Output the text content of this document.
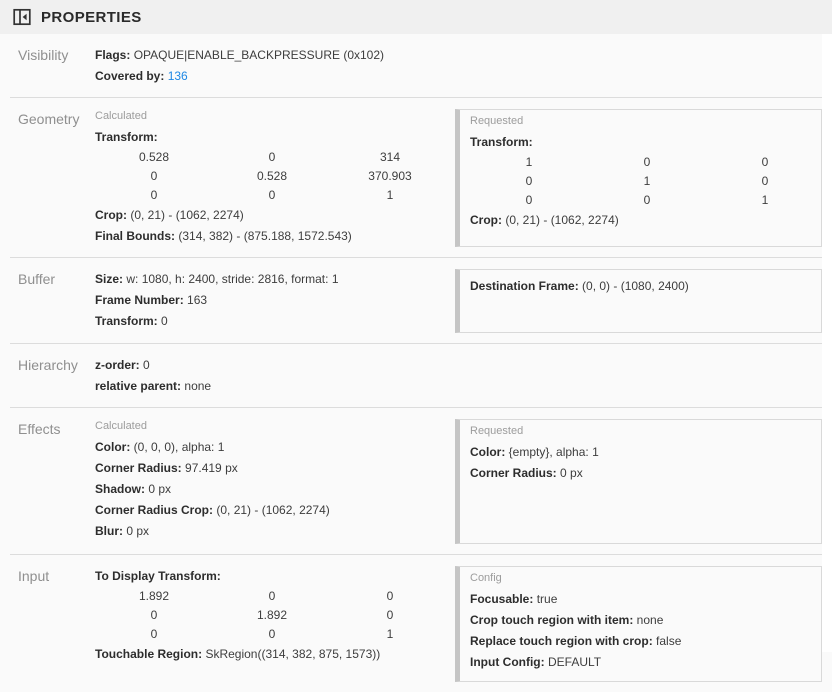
PROPERTIES
Visibility	Flags: OPAQUE|ENABLE_BACKPRESSURE (0x102)
Covered by: 136
Geometry	Calculated
Transform:
0.528	0	314
0	0.528	370.903
0	0	1
Crop: (0, 21) - (1062, 2274)
Final Bounds: (314, 382) - (875.188, 1572.543)
Requested
Transform:
1	0	0
0	1	0
0	0	1
Crop: (0, 21) - (1062, 2274)
Buffer	Size: w: 1080, h: 2400, stride: 2816, format: 1
Frame Number: 163
Transform: 0
Destination Frame: (0, 0) - (1080, 2400)
Hierarchy	z-order: 0
relative parent: none
Effects	Calculated
Color: (0, 0, 0), alpha: 1
Corner Radius: 97.419 px
Shadow: 0 px
Corner Radius Crop: (0, 21) - (1062, 2274)
Blur: 0 px
Requested
Color: {empty}, alpha: 1
Corner Radius: 0 px
Input	To Display Transform:
1.892	0	0
0	1.892	0
0	0	1
Touchable Region: SkRegion((314, 382, 875, 1573))
Config
Focusable: true
Crop touch region with item: none
Replace touch region with crop: false
Input Config: DEFAULT
